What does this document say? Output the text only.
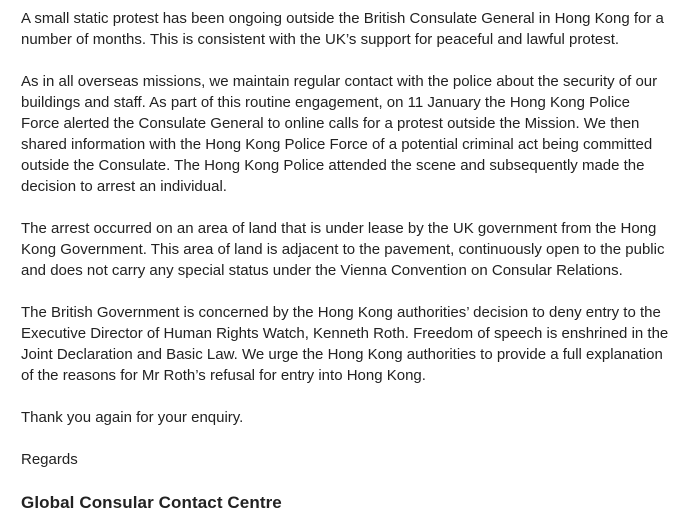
A small static protest has been ongoing outside the British Consulate General in Hong Kong for a number of months. This is consistent with the UK’s support for peaceful and lawful protest.

As in all overseas missions, we maintain regular contact with the police about the security of our buildings and staff. As part of this routine engagement, on 11 January the Hong Kong Police Force alerted the Consulate General to online calls for a protest outside the Mission. We then shared information with the Hong Kong Police Force of a potential criminal act being committed outside the Consulate. The Hong Kong Police attended the scene and subsequently made the decision to arrest an individual.

The arrest occurred on an area of land that is under lease by the UK government from the Hong Kong Government. This area of land is adjacent to the pavement, continuously open to the public and does not carry any special status under the Vienna Convention on Consular Relations.

The British Government is concerned by the Hong Kong authorities’ decision to deny entry to the Executive Director of Human Rights Watch, Kenneth Roth. Freedom of speech is enshrined in the Joint Declaration and Basic Law. We urge the Hong Kong authorities to provide a full explanation of the reasons for Mr Roth’s refusal for entry into Hong Kong.

Thank you again for your enquiry.

Regards

Global Consular Contact Centre
